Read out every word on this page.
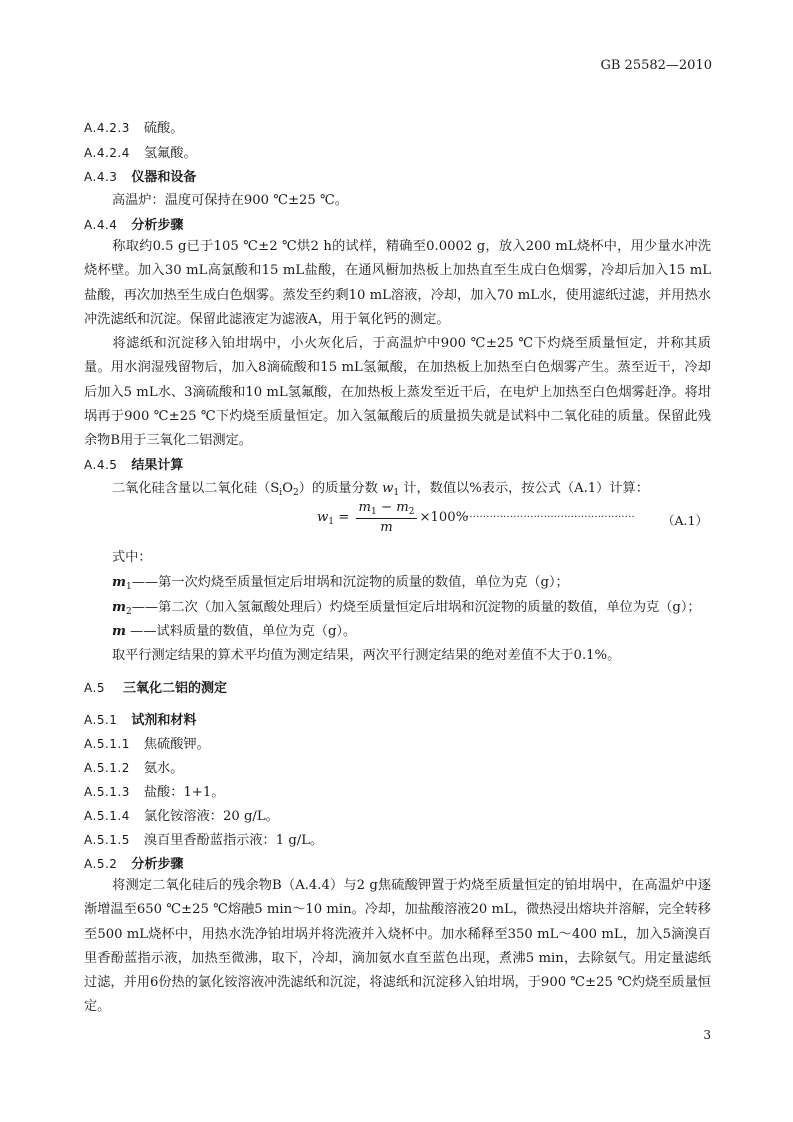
GB 25582—2010
A.4.2.3 硫酸。
A.4.2.4 氢氟酸。
A.4.3 仪器和设备
高温炉：温度可保持在900 ℃±25 ℃。
A.4.4 分析步骤
称取约0.5 g已于105 ℃±2 ℃烘2 h的试样，精确至0.0002 g，放入200 mL烧杯中，用少量水冲洗烧杯壁。加入30 mL高氯酸和15 mL盐酸，在通风橱加热板上加热直至生成白色烟雾，冷却后加入15 mL盐酸，再次加热至生成白色烟雾。蒸发至约剩10 mL溶液，冷却，加入70 mL水，使用滤纸过滤，并用热水冲洗滤纸和沉淀。保留此滤液定为滤液A，用于氧化钙的测定。
将滤纸和沉淀移入铂坩埚中，小火灰化后，于高温炉中900 ℃±25 ℃下灼烧至质量恒定，并称其质量。用水润湿残留物后，加入8滴硫酸和15 mL氢氟酸，在加热板上加热至白色烟雾产生。蒸至近干，冷却后加入5 mL水、3滴硫酸和10 mL氢氟酸，在加热板上蒸发至近干后，在电炉上加热至白色烟雾赶净。将坩埚再于900 ℃±25 ℃下灼烧至质量恒定。加入氢氟酸后的质量损失就是试料中二氧化硅的质量。保留此残余物B用于三氧化二铝测定。
A.4.5 结果计算
二氧化硅含量以二氧化硅$(S_iO_2)$的质量分数 $w_1$ 计，数值以%表示，按公式（A.1）计算：
$w_1 = \frac{m_1 - m_2}{m} \times 100\%$
·················································· （A.1）
式中：
$m_1——$第一次灼烧至质量恒定后坩埚和沉淀物的质量的数值，单位为克（g）；
$m_2——$第二次（加入氢氟酸处理后）灼烧至质量恒定后坩埚和沉淀物的质量的数值，单位为克（g）；
m ——试料质量的数值，单位为克（g）。
取平行测定结果的算术平均值为测定结果，两次平行测定结果的绝对差值不大于0.1%。
A.5 三氧化二铝的测定
A.5.1 试剂和材料
A.5.1.1 焦硫酸钾。
A.5.1.2 氨水。
A.5.1.3 盐酸：1+1。
A.5.1.4 氯化铵溶液：20 g/L。
A.5.1.5 溴百里香酚蓝指示液：1 g/L。
A.5.2 分析步骤
将测定二氧化硅后的残余物B（A.4.4）与2 g焦硫酸钾置于灼烧至质量恒定的铂坩埚中，在高温炉中逐渐增温至650 ℃±25 ℃熔融5 min～10 min。冷却，加盐酸溶液20 mL，微热浸出熔块并溶解，完全转移至500 mL烧杯中，用热水洗净铂坩埚并将洗液并入烧杯中。加水稀释至350 mL～400 mL，加入5滴溴百里香酚蓝指示液，加热至微沸，取下，冷却，滴加氨水直至蓝色出现，煮沸5 min，去除氨气。用定量滤纸过滤，并用6份热的氯化铵溶液冲洗滤纸和沉淀，将滤纸和沉淀移入铂坩埚，于900 ℃±25 ℃灼烧至质量恒定。
3
